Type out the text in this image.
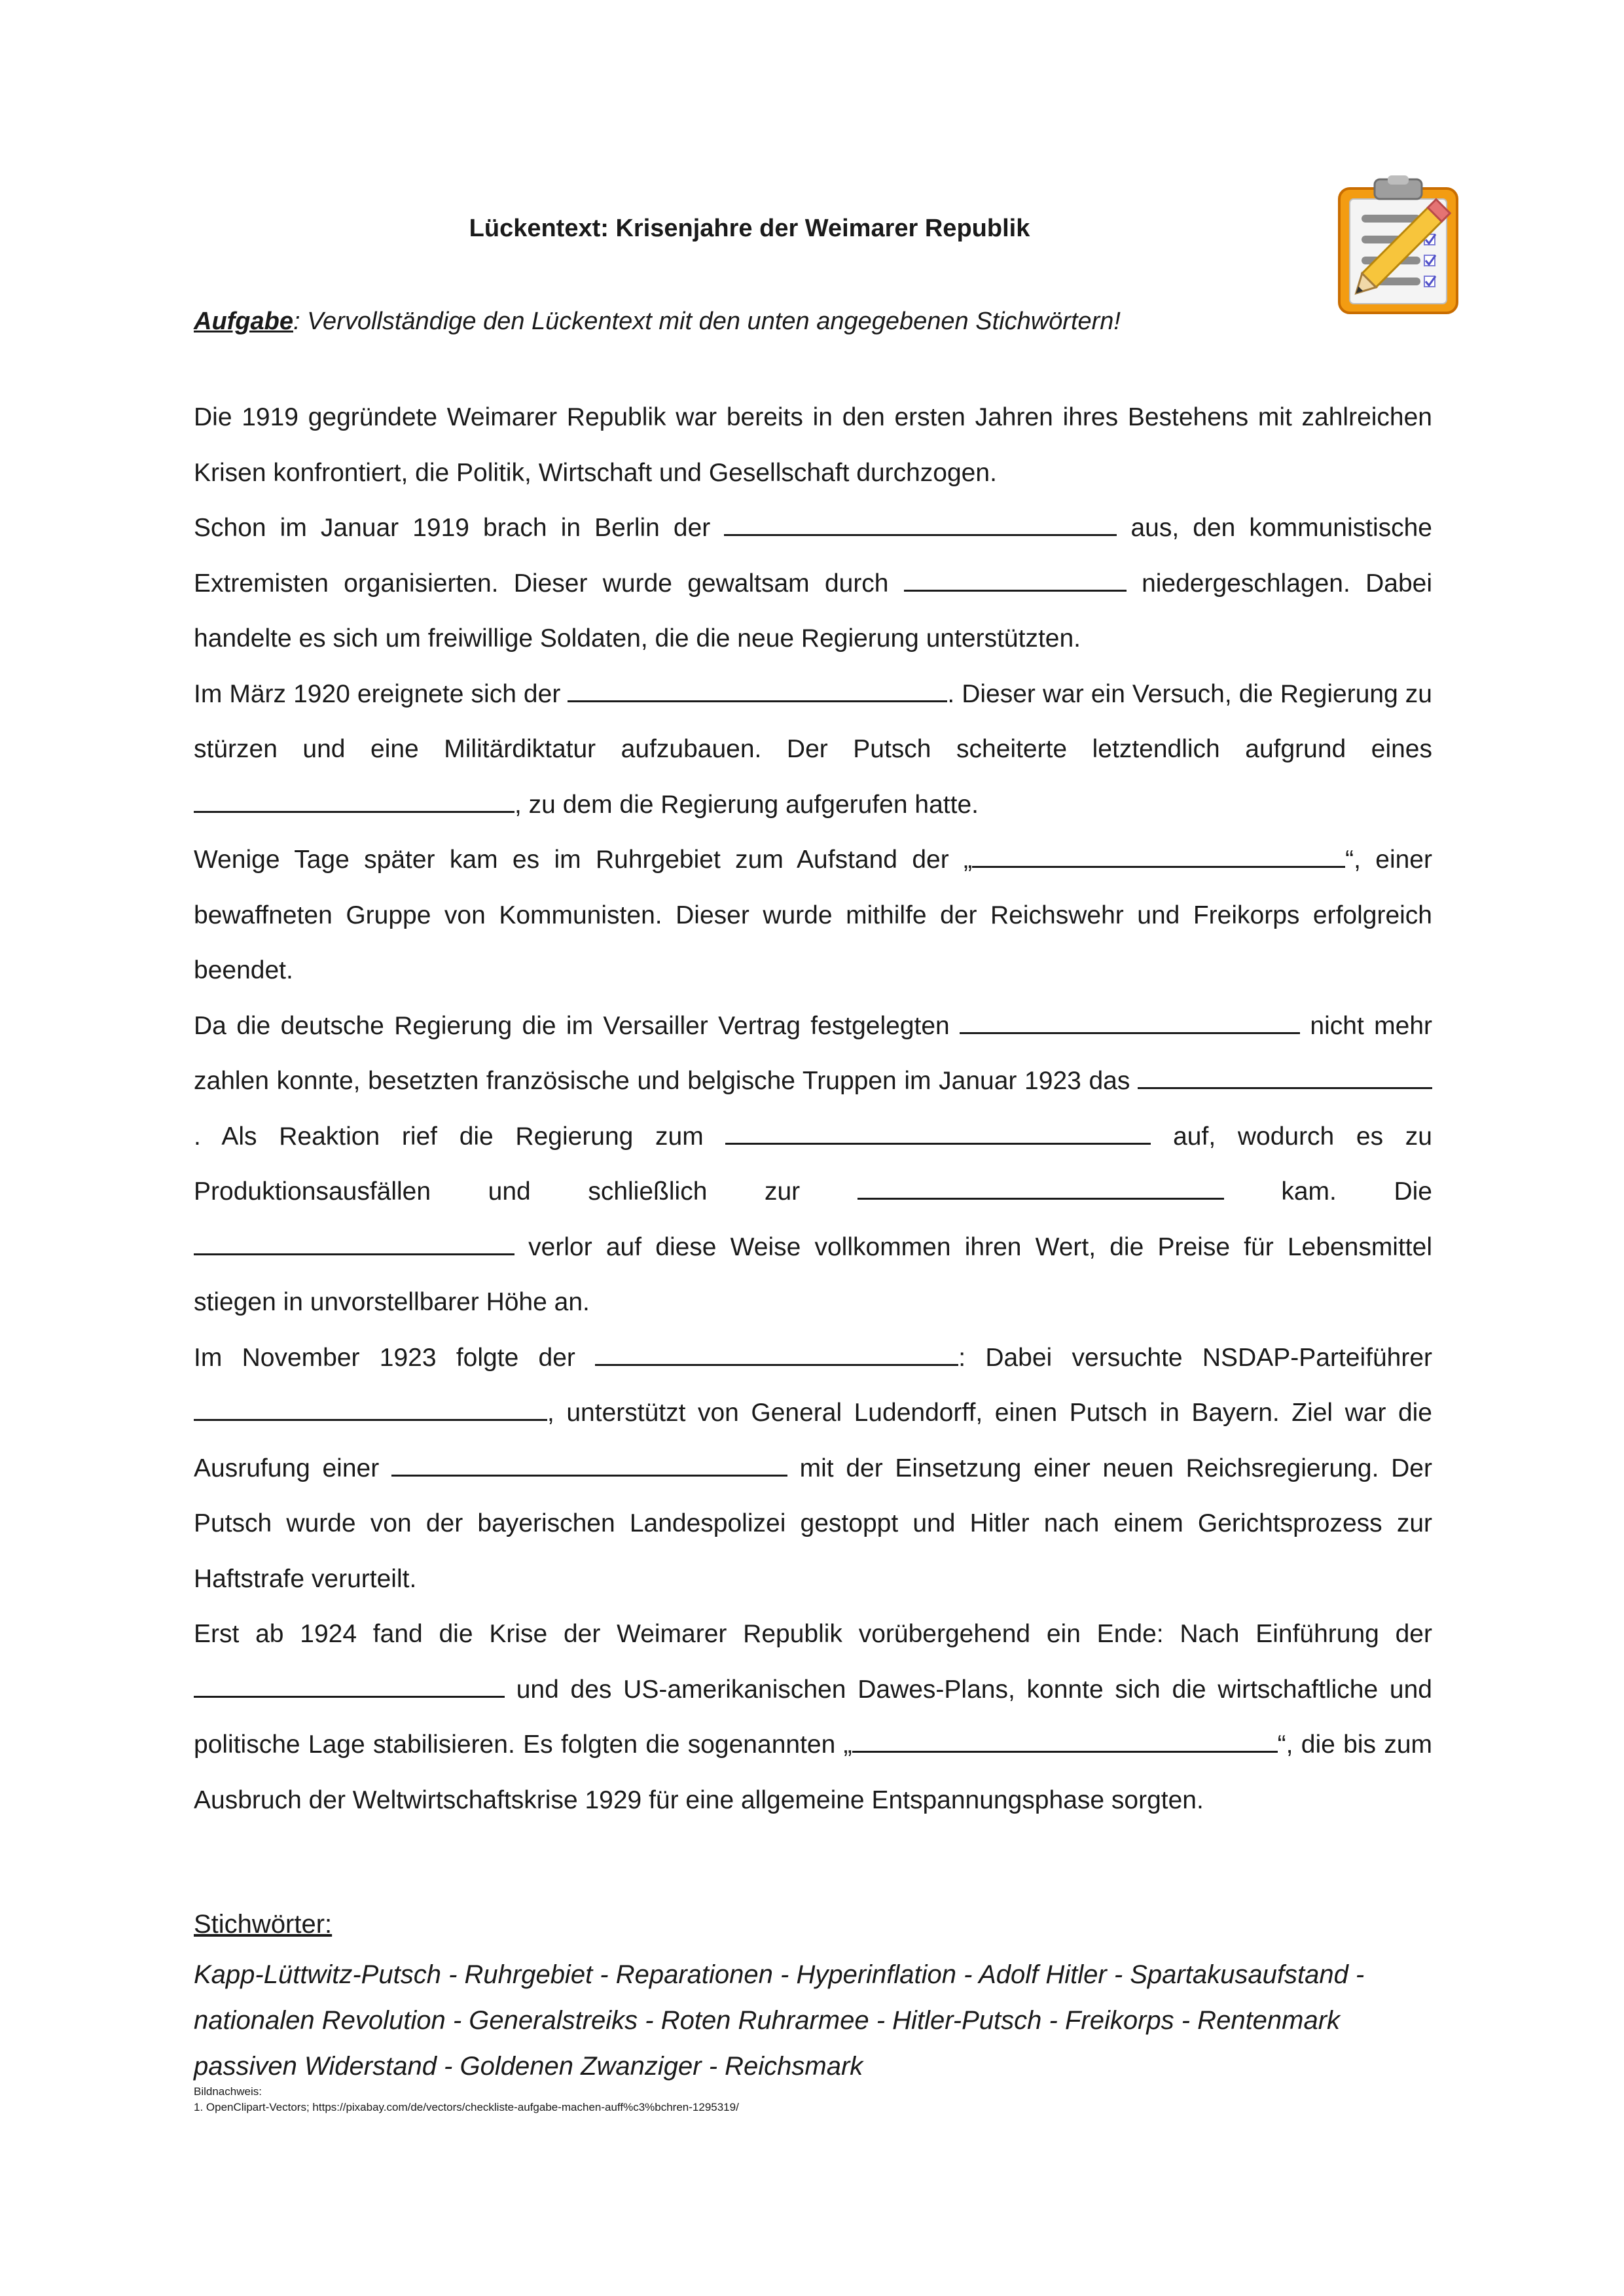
Lückentext: Krisenjahre der Weimarer Republik
Aufgabe: Vervollständige den Lückentext mit den unten angegebenen Stichwörtern!

Die 1919 gegründete Weimarer Republik war bereits in den ersten Jahren ihres Bestehens mit zahlreichen Krisen konfrontiert, die Politik, Wirtschaft und Gesellschaft durchzogen.

Schon im Januar 1919 brach in Berlin der	aus, den kommunistische Extremisten organisierten. Dieser wurde gewaltsam durch	niedergeschlagen. Dabei handelte es sich um freiwillige Soldaten, die die neue Regierung unterstützten.

Im März 1920 ereignete sich der	. Dieser war ein Versuch, die Regierung zu stürzen und eine Militärdiktatur aufzubauen. Der Putsch scheiterte letztendlich aufgrund eines , zu dem die Regierung aufgerufen hatte.

Wenige Tage später kam es im Ruhrgebiet zum Aufstand der „	“, einer bewaffneten Gruppe von Kommunisten. Dieser wurde mithilfe der Reichswehr und Freikorps erfolgreich beendet.

Da die deutsche Regierung die im Versailler Vertrag festgelegten	nicht mehr zahlen konnte, besetzten französische und belgische Truppen im Januar 1923 das . Als Reaktion rief die Regierung zum	auf, wodurch es zu Produktionsausfällen und schließlich zur	kam. Die  verlor auf diese Weise vollkommen ihren Wert, die Preise für Lebensmittel stiegen in unvorstellbarer Höhe an.

Im November 1923 folgte der	: Dabei versuchte NSDAP-Parteiführer , unterstützt von General Ludendorff, einen Putsch in Bayern. Ziel war die Ausrufung einer	mit der Einsetzung einer neuen Reichsregierung. Der Putsch wurde von der bayerischen Landespolizei gestoppt und Hitler nach einem Gerichtsprozess zur Haftstrafe verurteilt.

Erst ab 1924 fand die Krise der Weimarer Republik vorübergehend ein Ende: Nach Einführung der  und des US-amerikanischen Dawes-Plans, konnte sich die wirtschaftliche und politische Lage stabilisieren. Es folgten die sogenannten „	“, die bis zum Ausbruch der Weltwirtschaftskrise 1929 für eine allgemeine Entspannungsphase sorgten.

Stichwörter:
Kapp-Lüttwitz-Putsch - Ruhrgebiet - Reparationen - Hyperinflation - Adolf Hitler - Spartakusaufstand -
nationalen Revolution - Generalstreiks - Roten Ruhrarmee - Hitler-Putsch - Freikorps - Rentenmark
passiven Widerstand - Goldenen Zwanziger - Reichsmark
Bildnachweis:
1. OpenClipart-Vectors; https://pixabay.com/de/vectors/checkliste-aufgabe-machen-auff%c3%bchren-1295319/
